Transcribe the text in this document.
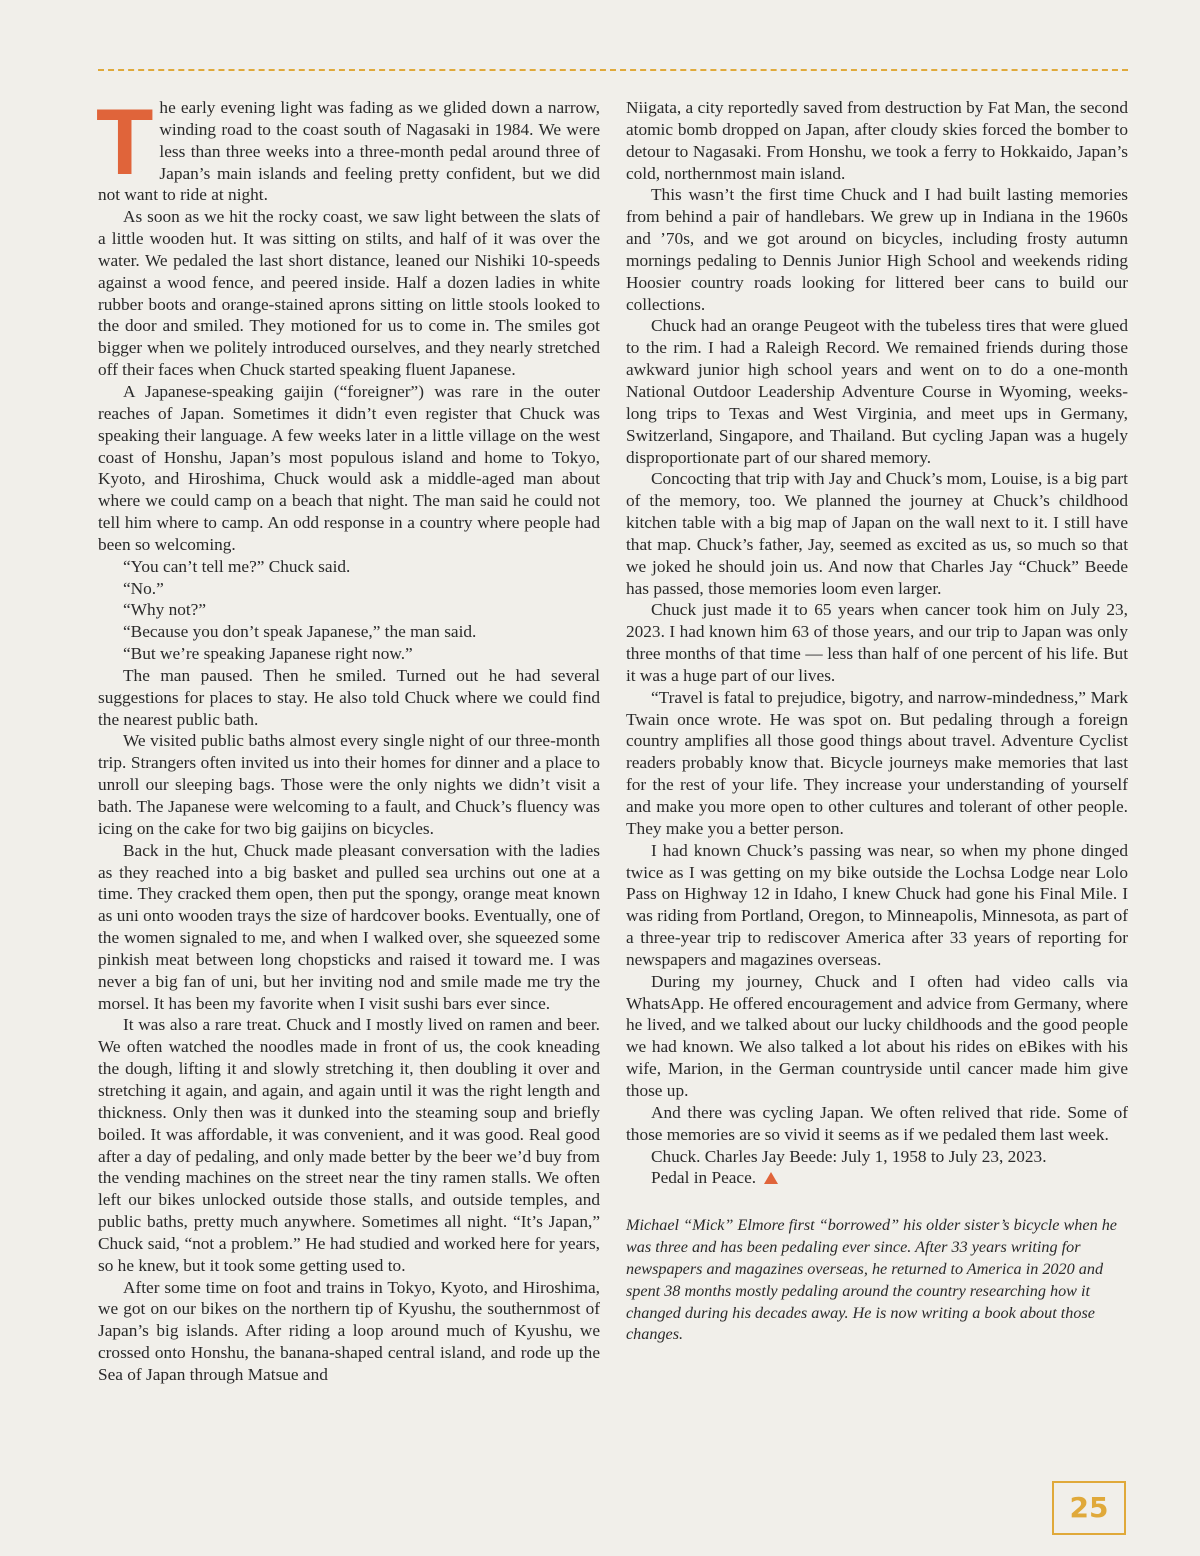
The early evening light was fading as we glided down a narrow, winding road to the coast south of Nagasaki in 1984. We were less than three weeks into a three-month pedal around three of Japan’s main islands and feeling pretty confident, but we did not want to ride at night.

As soon as we hit the rocky coast, we saw light between the slats of a little wooden hut. It was sitting on stilts, and half of it was over the water. We pedaled the last short distance, leaned our Nishiki 10-speeds against a wood fence, and peered inside. Half a dozen ladies in white rubber boots and orange-stained aprons sitting on little stools looked to the door and smiled. They motioned for us to come in. The smiles got bigger when we politely introduced ourselves, and they nearly stretched off their faces when Chuck started speaking fluent Japanese.

A Japanese-speaking gaijin (“foreigner”) was rare in the outer reaches of Japan. Sometimes it didn’t even register that Chuck was speaking their language. A few weeks later in a little village on the west coast of Honshu, Japan’s most populous island and home to Tokyo, Kyoto, and Hiroshima, Chuck would ask a middle-aged man about where we could camp on a beach that night. The man said he could not tell him where to camp. An odd response in a country where people had been so welcoming.

“You can’t tell me?” Chuck said.

“No.”

“Why not?”

“Because you don’t speak Japanese,” the man said.

“But we’re speaking Japanese right now.”

The man paused. Then he smiled. Turned out he had several suggestions for places to stay. He also told Chuck where we could find the nearest public bath.

We visited public baths almost every single night of our three-month trip. Strangers often invited us into their homes for dinner and a place to unroll our sleeping bags. Those were the only nights we didn’t visit a bath. The Japanese were welcoming to a fault, and Chuck’s fluency was icing on the cake for two big gaijins on bicycles.

Back in the hut, Chuck made pleasant conversation with the ladies as they reached into a big basket and pulled sea urchins out one at a time. They cracked them open, then put the spongy, orange meat known as uni onto wooden trays the size of hardcover books. Eventually, one of the women signaled to me, and when I walked over, she squeezed some pinkish meat between long chopsticks and raised it toward me. I was never a big fan of uni, but her inviting nod and smile made me try the morsel. It has been my favorite when I visit sushi bars ever since.

It was also a rare treat. Chuck and I mostly lived on ramen and beer. We often watched the noodles made in front of us, the cook kneading the dough, lifting it and slowly stretching it, then doubling it over and stretching it again, and again, and again until it was the right length and thickness. Only then was it dunked into the steaming soup and briefly boiled. It was affordable, it was convenient, and it was good. Real good after a day of pedaling, and only made better by the beer we’d buy from the vending machines on the street near the tiny ramen stalls. We often left our bikes unlocked outside those stalls, and outside temples, and public baths, pretty much anywhere. Sometimes all night. “It’s Japan,” Chuck said, “not a problem.” He had studied and worked here for years, so he knew, but it took some getting used to.

After some time on foot and trains in Tokyo, Kyoto, and Hiroshima, we got on our bikes on the northern tip of Kyushu, the southernmost of Japan’s big islands. After riding a loop around much of Kyushu, we crossed onto Honshu, the banana-shaped central island, and rode up the Sea of Japan through Matsue and

Niigata, a city reportedly saved from destruction by Fat Man, the second atomic bomb dropped on Japan, after cloudy skies forced the bomber to detour to Nagasaki. From Honshu, we took a ferry to Hokkaido, Japan’s cold, northernmost main island.

This wasn’t the first time Chuck and I had built lasting memories from behind a pair of handlebars. We grew up in Indiana in the 1960s and ’70s, and we got around on bicycles, including frosty autumn mornings pedaling to Dennis Junior High School and weekends riding Hoosier country roads looking for littered beer cans to build our collections.

Chuck had an orange Peugeot with the tubeless tires that were glued to the rim. I had a Raleigh Record. We remained friends during those awkward junior high school years and went on to do a one-month National Outdoor Leadership Adventure Course in Wyoming, weeks-long trips to Texas and West Virginia, and meet ups in Germany, Switzerland, Singapore, and Thailand. But cycling Japan was a hugely disproportionate part of our shared memory.

Concocting that trip with Jay and Chuck’s mom, Louise, is a big part of the memory, too. We planned the journey at Chuck’s childhood kitchen table with a big map of Japan on the wall next to it. I still have that map. Chuck’s father, Jay, seemed as excited as us, so much so that we joked he should join us. And now that Charles Jay “Chuck” Beede has passed, those memories loom even larger.

Chuck just made it to 65 years when cancer took him on July 23, 2023. I had known him 63 of those years, and our trip to Japan was only three months of that time — less than half of one percent of his life. But it was a huge part of our lives.

“Travel is fatal to prejudice, bigotry, and narrow-mindedness,” Mark Twain once wrote. He was spot on. But pedaling through a foreign country amplifies all those good things about travel. Adventure Cyclist readers probably know that. Bicycle journeys make memories that last for the rest of your life. They increase your understanding of yourself and make you more open to other cultures and tolerant of other people. They make you a better person.

I had known Chuck’s passing was near, so when my phone dinged twice as I was getting on my bike outside the Lochsa Lodge near Lolo Pass on Highway 12 in Idaho, I knew Chuck had gone his Final Mile. I was riding from Portland, Oregon, to Minneapolis, Minnesota, as part of a three-year trip to rediscover America after 33 years of reporting for newspapers and magazines overseas.

During my journey, Chuck and I often had video calls via WhatsApp. He offered encouragement and advice from Germany, where he lived, and we talked about our lucky childhoods and the good people we had known. We also talked a lot about his rides on eBikes with his wife, Marion, in the German countryside until cancer made him give those up.

And there was cycling Japan. We often relived that ride. Some of those memories are so vivid it seems as if we pedaled them last week.

Chuck. Charles Jay Beede: July 1, 1958 to July 23, 2023.

Pedal in Peace.

Michael “Mick” Elmore first “borrowed” his older sister’s bicycle when he was three and has been pedaling ever since. After 33 years writing for newspapers and magazines overseas, he returned to America in 2020 and spent 38 months mostly pedaling around the country researching how it changed during his decades away. He is now writing a book about those changes.

25
